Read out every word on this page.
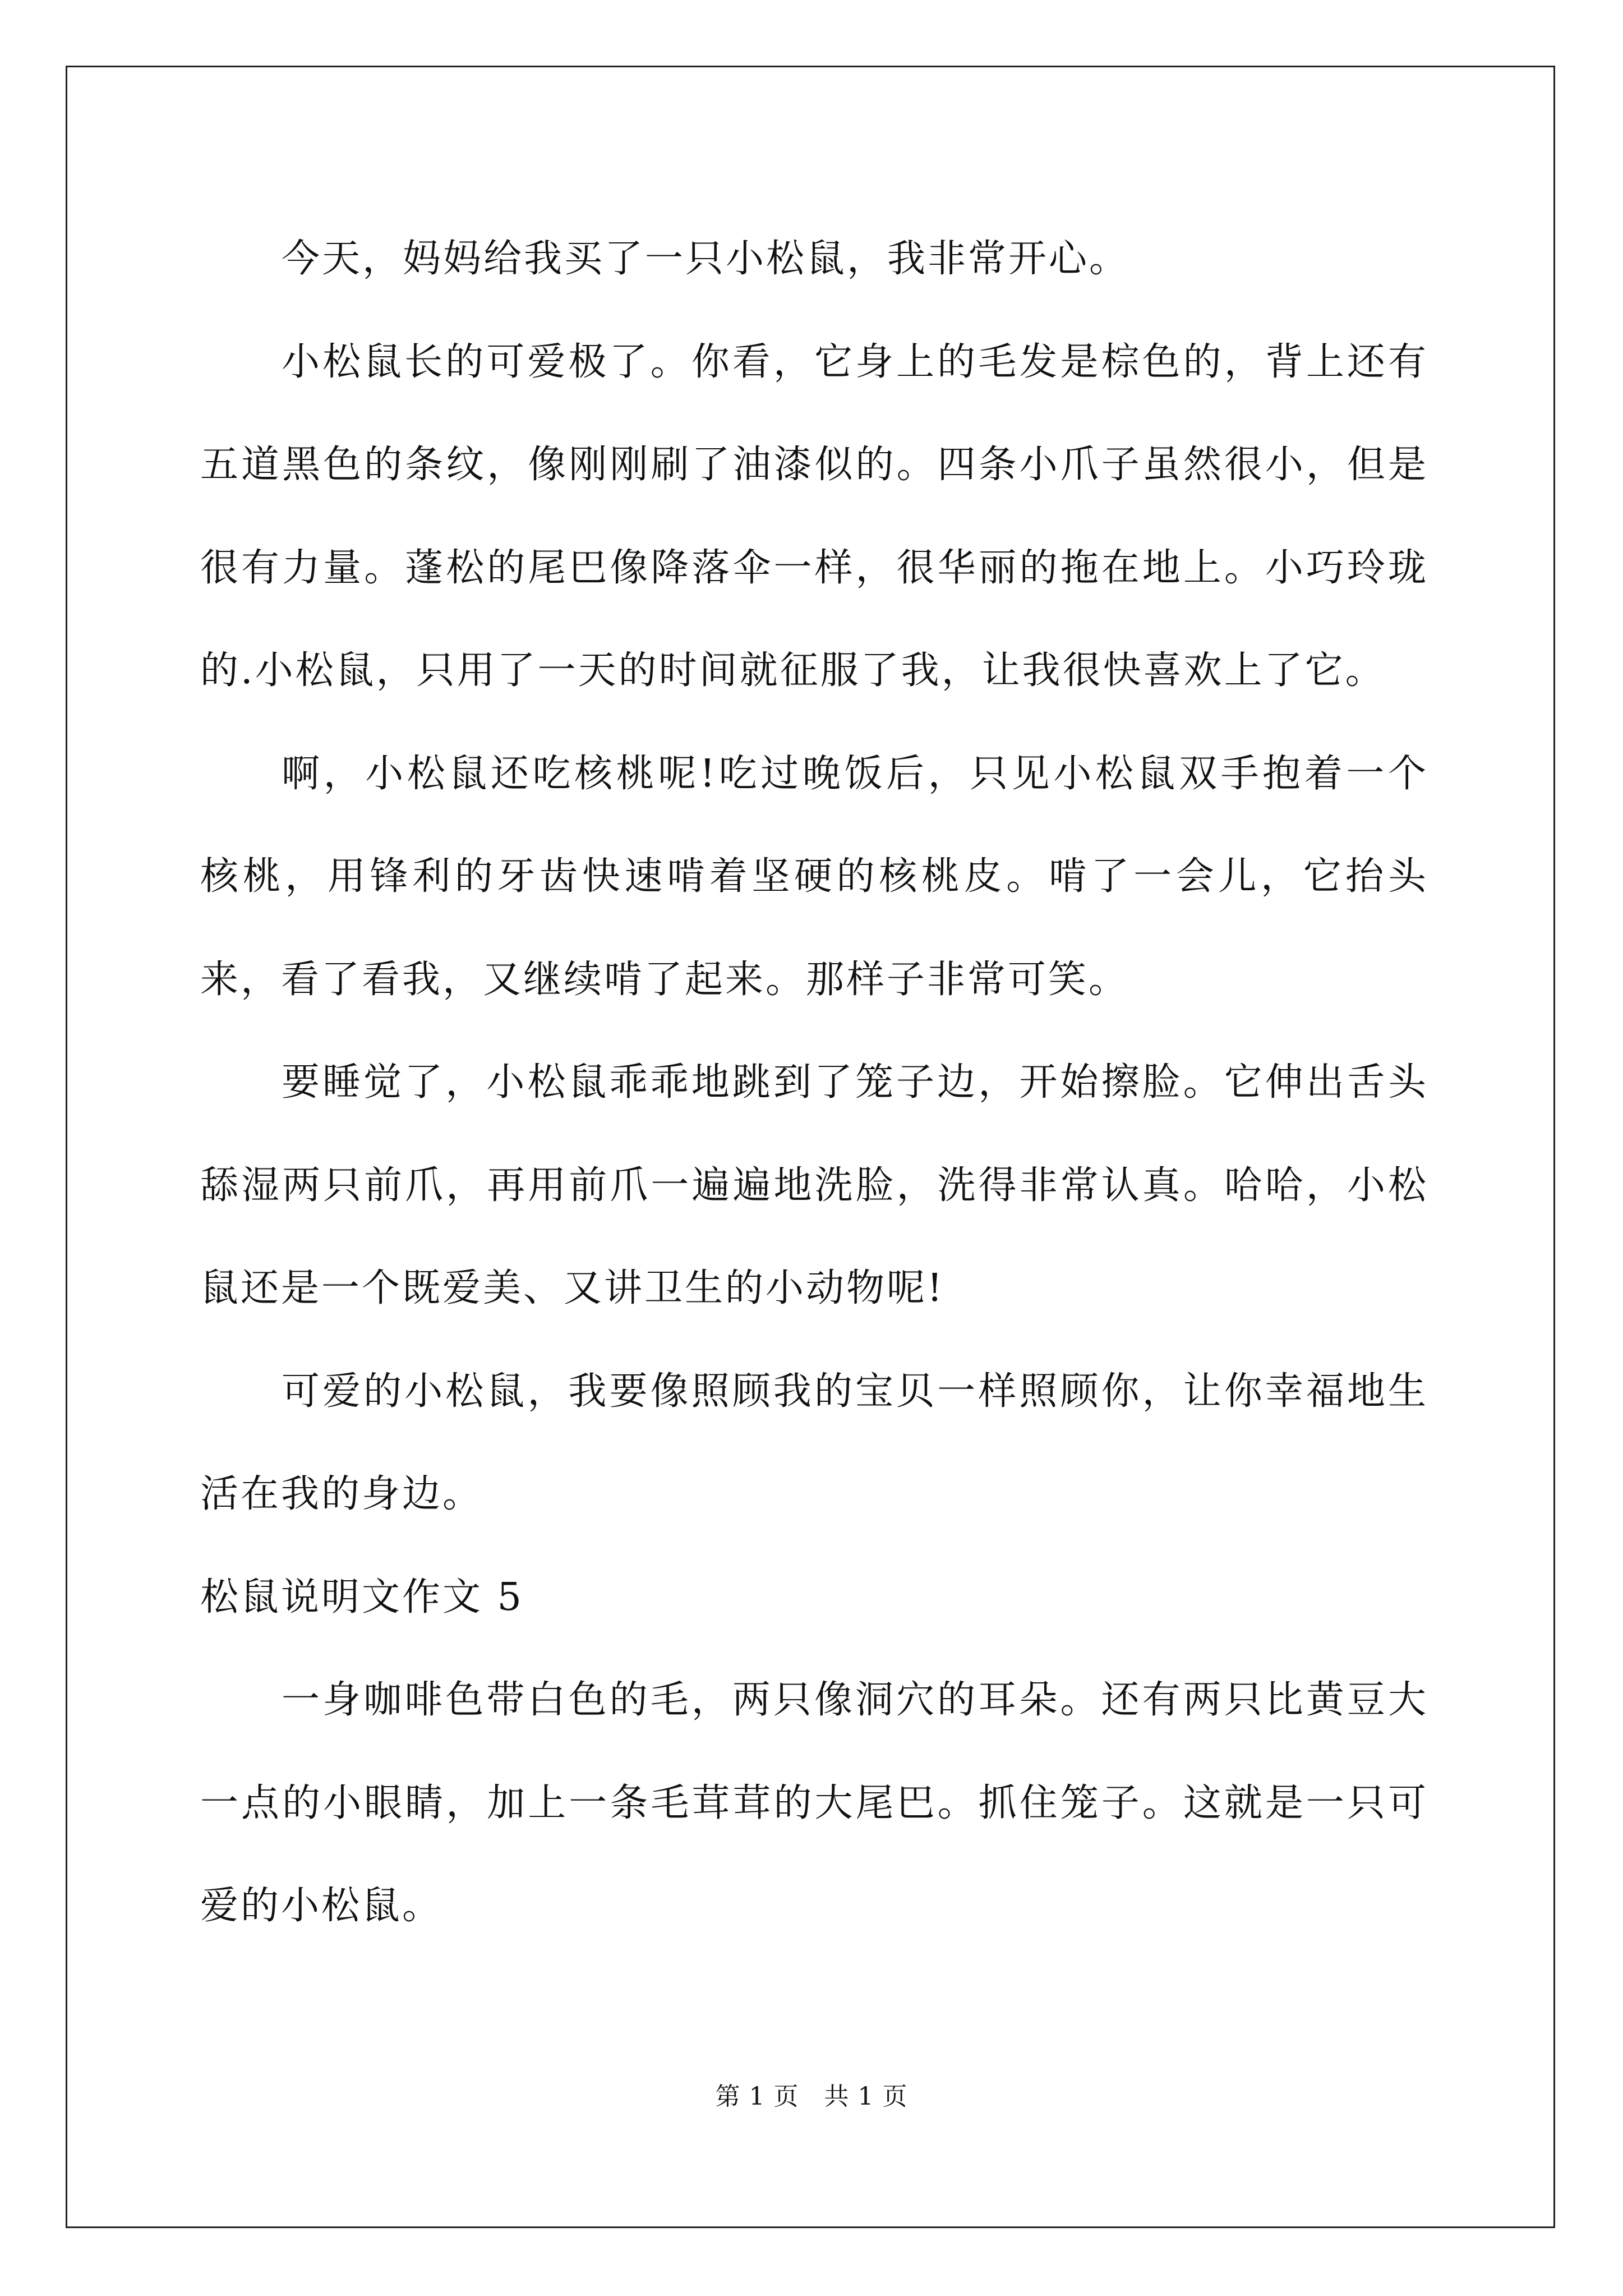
今天，妈妈给我买了一只小松鼠，我非常开心。

小松鼠长的可爱极了。你看，它身上的毛发是棕色的，背上还有五道黑色的条纹，像刚刚刷了油漆似的。四条小爪子虽然很小，但是很有力量。蓬松的尾巴像降落伞一样，很华丽的拖在地上。小巧玲珑的.小松鼠，只用了一天的时间就征服了我，让我很快喜欢上了它。

啊，小松鼠还吃核桃呢!吃过晚饭后，只见小松鼠双手抱着一个核桃，用锋利的牙齿快速啃着坚硬的核桃皮。啃了一会儿，它抬头来，看了看我，又继续啃了起来。那样子非常可笑。

要睡觉了，小松鼠乖乖地跳到了笼子边，开始擦脸。它伸出舌头舔湿两只前爪，再用前爪一遍遍地洗脸，洗得非常认真。哈哈，小松鼠还是一个既爱美、又讲卫生的小动物呢!

可爱的小松鼠，我要像照顾我的宝贝一样照顾你，让你幸福地生活在我的身边。

松鼠说明文作文 5

一身咖啡色带白色的毛，两只像洞穴的耳朵。还有两只比黄豆大一点的小眼睛，加上一条毛茸茸的大尾巴。抓住笼子。这就是一只可爱的小松鼠。

第 1 页　共 1 页
